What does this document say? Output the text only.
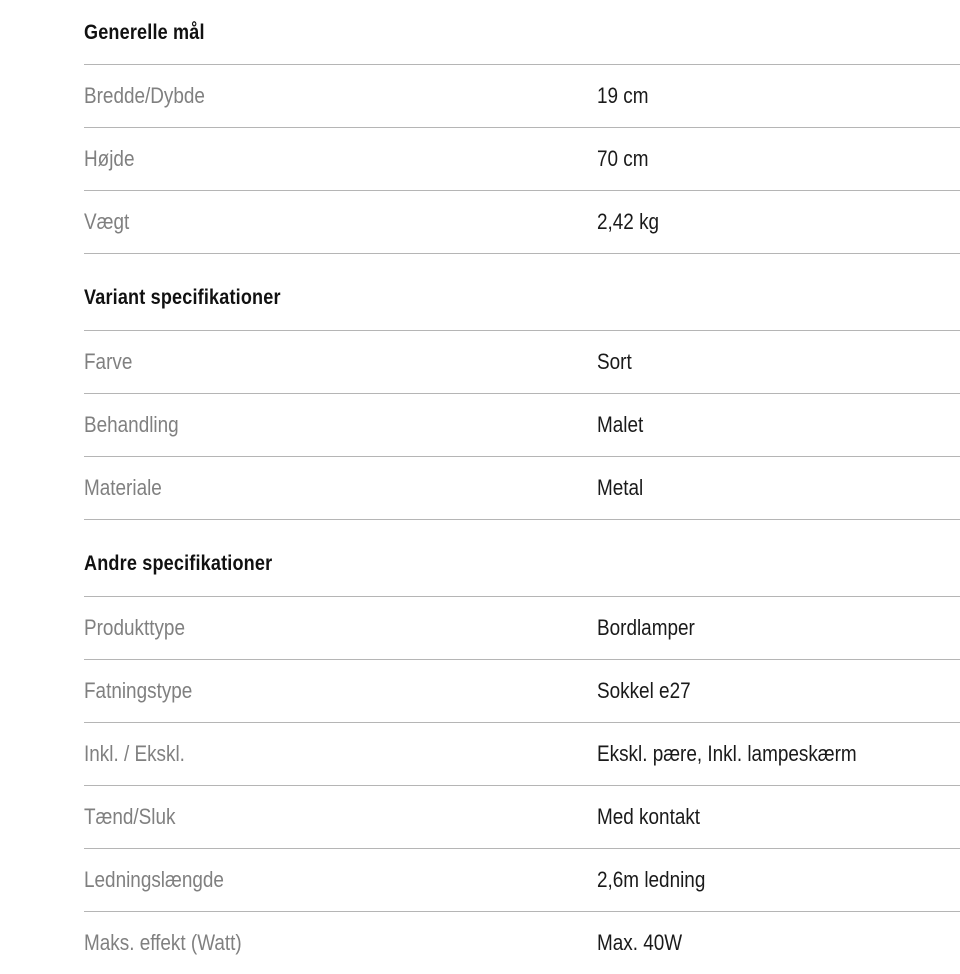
Generelle mål
Bredde/Dybde	19 cm
Højde	70 cm
Vægt	2,42 kg
Variant specifikationer
Farve	Sort
Behandling	Malet
Materiale	Metal
Andre specifikationer
Produkttype	Bordlamper
Fatningstype	Sokkel e27
Inkl. / Ekskl.	Ekskl. pære, Inkl. lampeskærm
Tænd/Sluk	Med kontakt
Ledningslængde	2,6m ledning
Maks. effekt (Watt)	Max. 40W
